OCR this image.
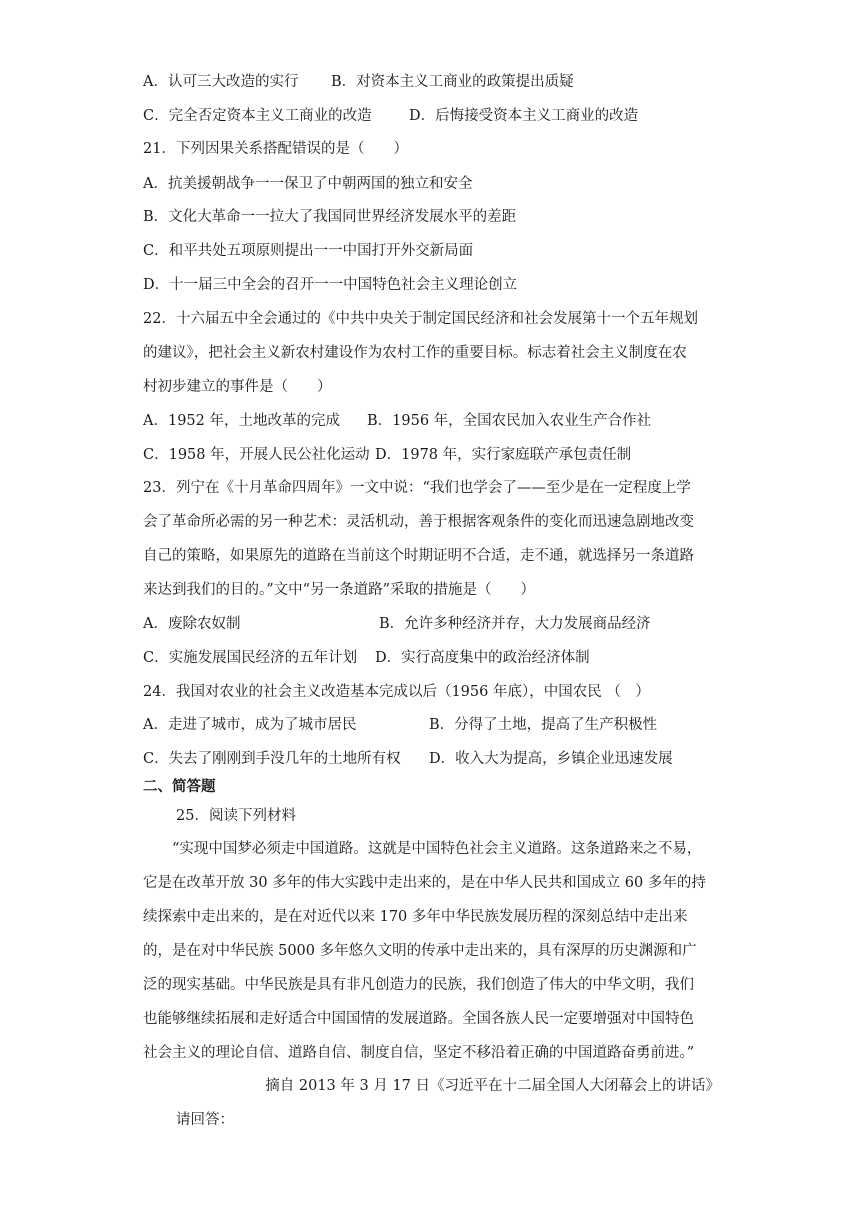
A．认可三大改造的实行 B．对资本主义工商业的政策提出质疑
C．完全否定资本主义工商业的改造	D．后悔接受资本主义工商业的改造
21．下列因果关系搭配错误的是（　　）
A．抗美援朝战争一一保卫了中朝两国的独立和安全
B．文化大革命一一拉大了我国同世界经济发展水平的差距
C．和平共处五项原则提出一一中国打开外交新局面
D．十一届三中全会的召开一一中国特色社会主义理论创立
22．十六届五中全会通过的《中共中央关于制定国民经济和社会发展第十一个五年规划
的建议》，把社会主义新农村建设作为农村工作的重要目标。标志着社会主义制度在农
村初步建立的事件是（　　）
A．1952 年，土地改革的完成 B．1956 年，全国农民加入农业生产合作社
C．1958 年，开展人民公社化运动 D．1978 年，实行家庭联产承包责任制
23．列宁在《十月革命四周年》一文中说：“我们也学会了——至少是在一定程度上学
会了革命所必需的另一种艺术：灵活机动，善于根据客观条件的变化而迅速急剧地改变
自己的策略，如果原先的道路在当前这个时期证明不合适，走不通，就选择另一条道路
来达到我们的目的。”文中“另一条道路”采取的措施是（　　）
A．废除农奴制	B．允许多种经济并存，大力发展商品经济
C．实施发展国民经济的五年计划 D．实行高度集中的政治经济体制
24．我国对农业的社会主义改造基本完成以后（1956 年底），中国农民 （　）
A．走进了城市，成为了城市居民	B．分得了土地，提高了生产积极性
C．失去了刚刚到手没几年的土地所有权 D．收入大为提高，乡镇企业迅速发展
二、简答题
25．阅读下列材料
“实现中国梦必须走中国道路。这就是中国特色社会主义道路。这条道路来之不易，
它是在改革开放 30 多年的伟大实践中走出来的，是在中华人民共和国成立 60 多年的持
续探索中走出来的，是在对近代以来 170 多年中华民族发展历程的深刻总结中走出来
的，是在对中华民族 5000 多年悠久文明的传承中走出来的，具有深厚的历史渊源和广
泛的现实基础。中华民族是具有非凡创造力的民族，我们创造了伟大的中华文明，我们
也能够继续拓展和走好适合中国国情的发展道路。全国各族人民一定要增强对中国特色
社会主义的理论自信、道路自信、制度自信，坚定不移沿着正确的中国道路奋勇前进。”
摘自 2013 年 3 月 17 日《习近平在十二届全国人大闭幕会上的讲话》
请回答：
